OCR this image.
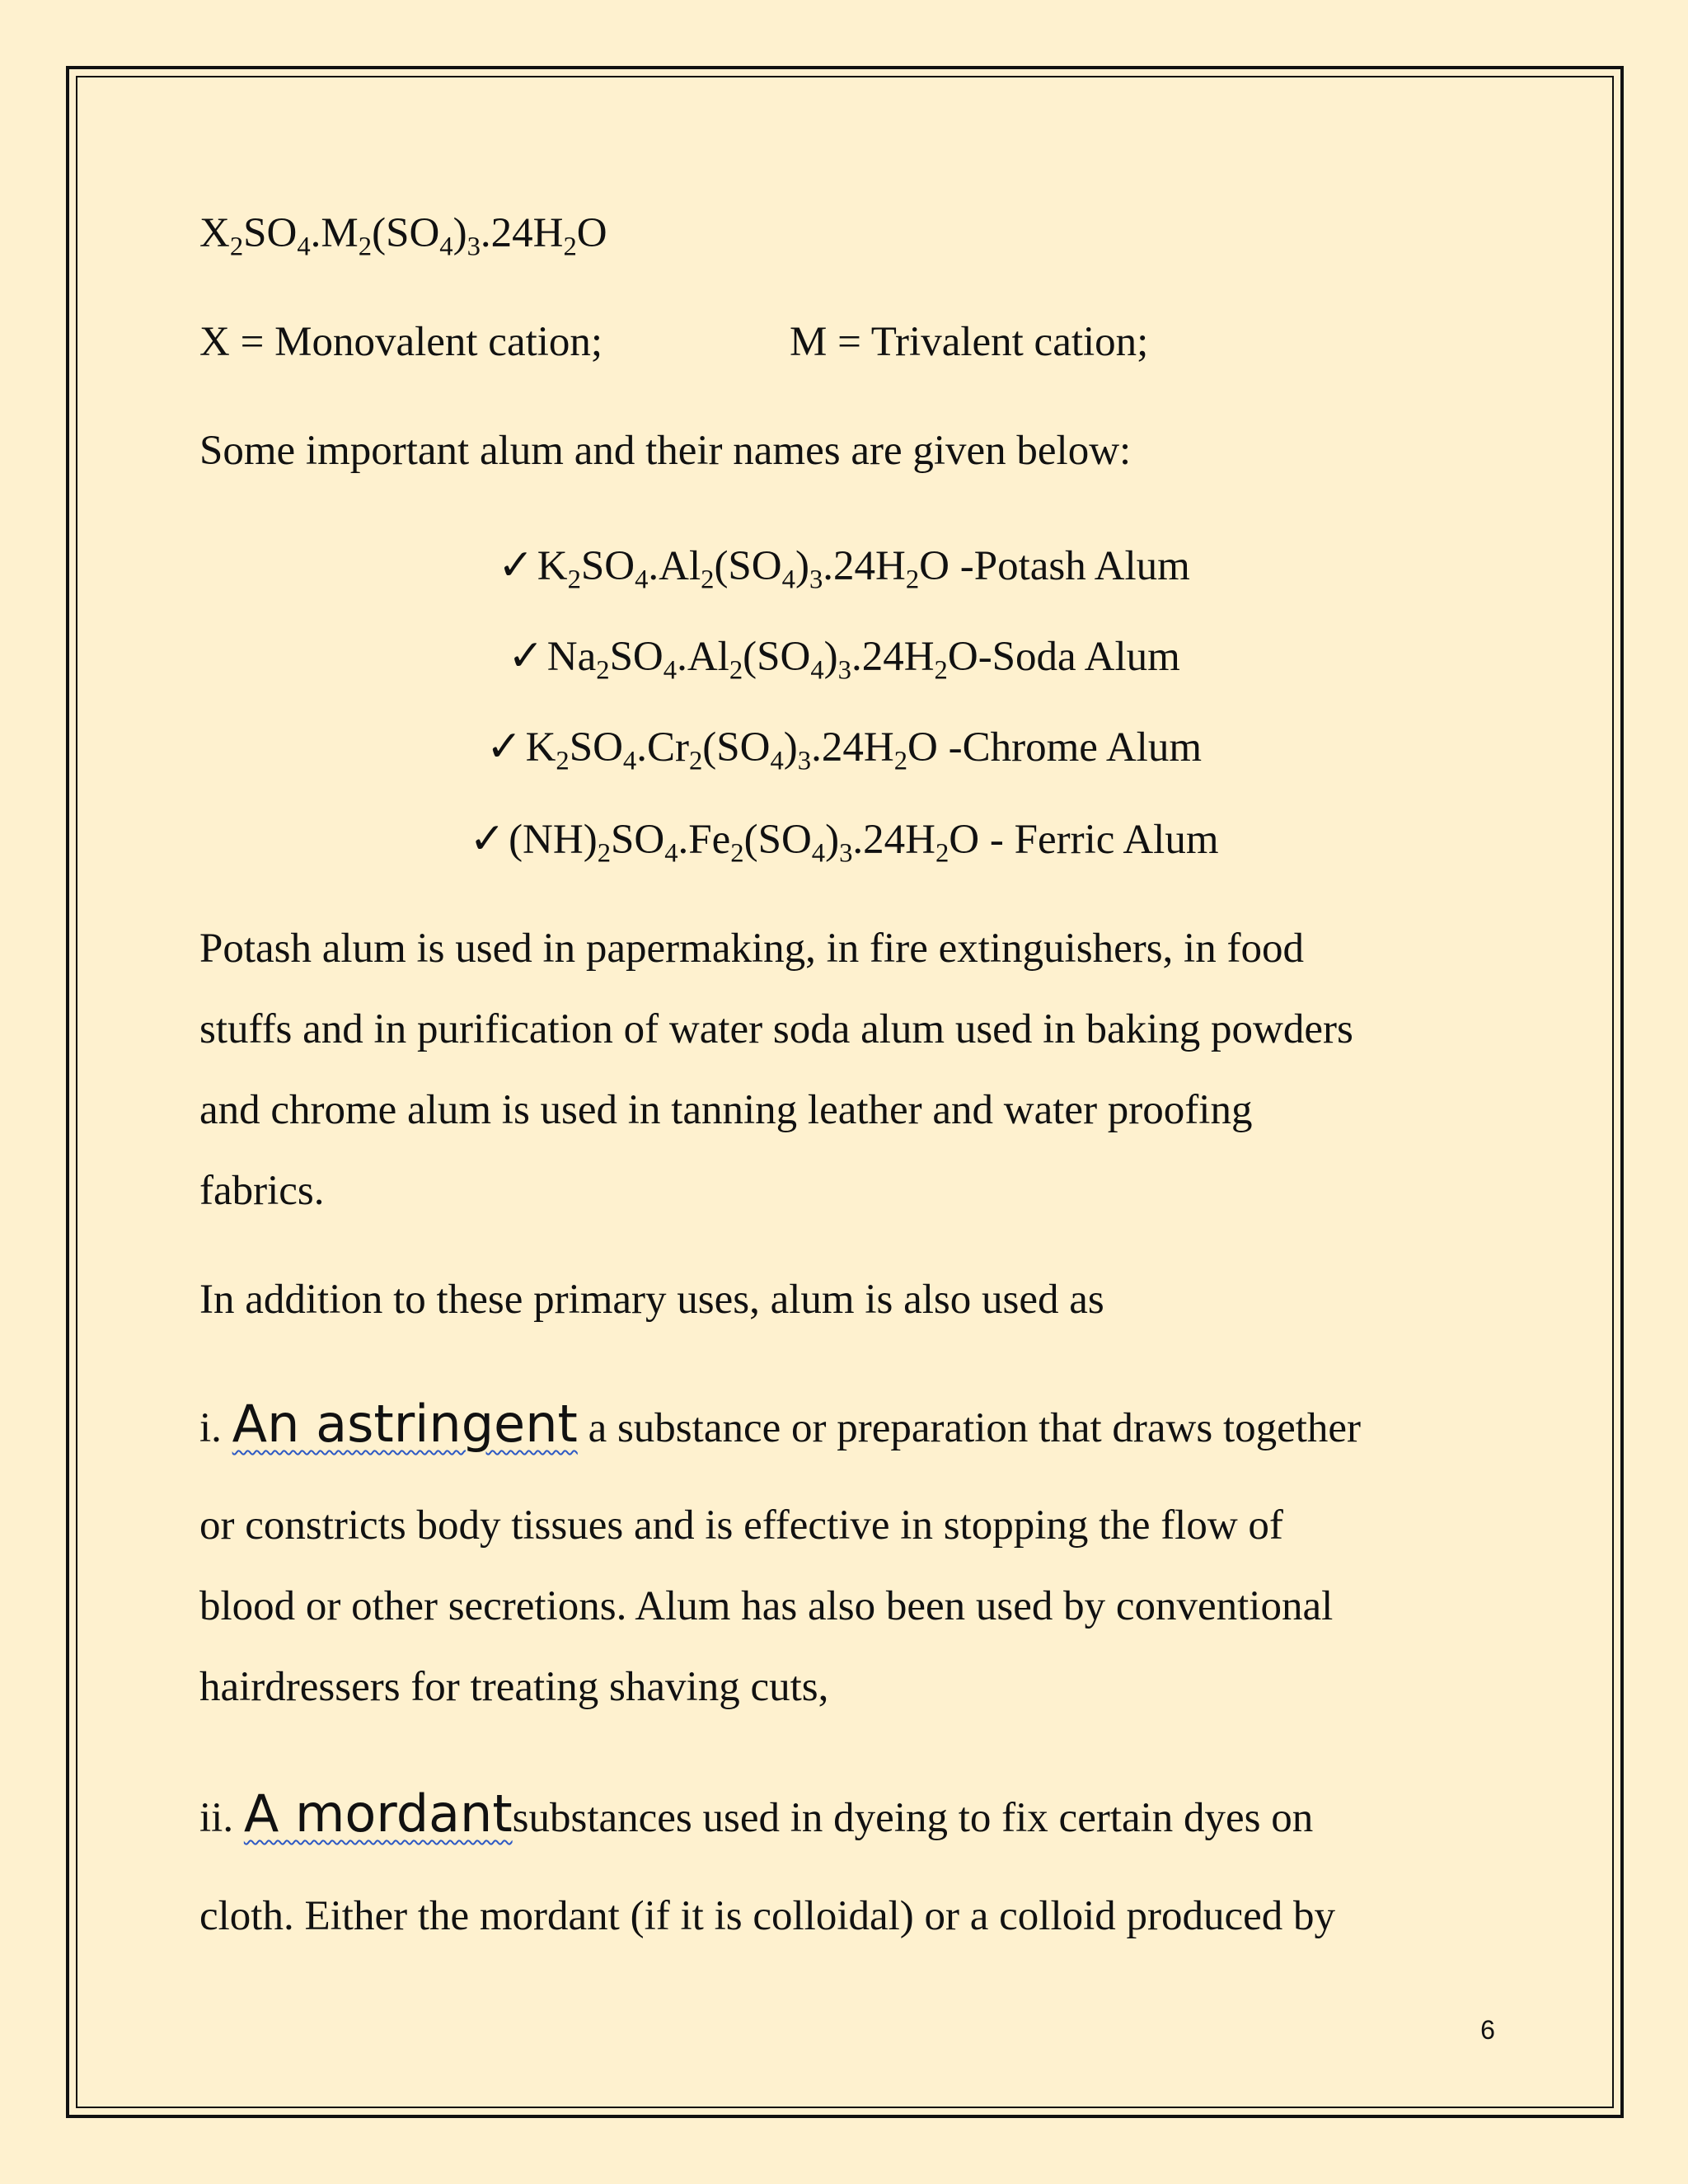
$X_2SO_4.M_2(SO_4)_3.24H_2O$
X = Monovalent cation;	M = Trivalent cation;
Some important alum and their names are given below:
$✓K_2SO_4.Al_2(SO_4)_3.24H_2O$ -Potash Alum
$✓Na_2SO_4.Al_2(SO_4)_3.24H_2O$-Soda Alum
$✓K_2SO_4.Cr_2(SO_4)_3.24H_2O$ -Chrome Alum
$✓(NH)_2SO_4.Fe_2(SO_4)_3.24H_2O$ - Ferric Alum
Potash alum is used in papermaking, in fire extinguishers, in food
stuffs and in purification of water soda alum used in baking powders
and chrome alum is used in tanning leather and water proofing
fabrics.
In addition to these primary uses, alum is also used as
i. An astringent a substance or preparation that draws together
or constricts body tissues and is effective in stopping the flow of
blood or other secretions. Alum has also been used by conventional
hairdressers for treating shaving cuts,
ii. A mordantsubstances used in dyeing to fix certain dyes on
cloth. Either the mordant (if it is colloidal) or a colloid produced by
6
